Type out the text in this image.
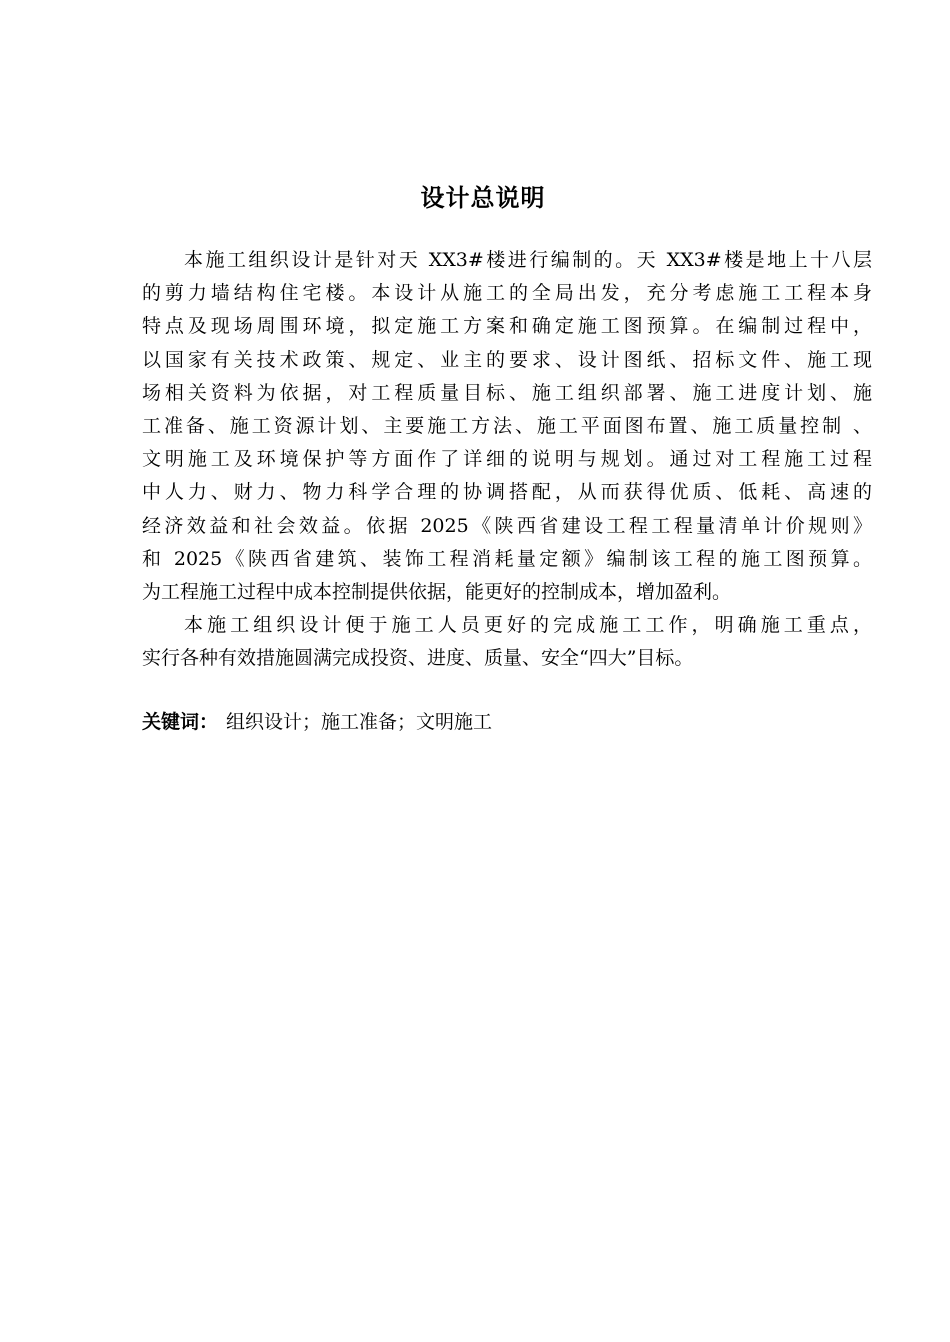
设计总说明
本施工组织设计是针对天 XX3#楼进行编制的。天 XX3#楼是地上十八层
的剪力墙结构住宅楼。本设计从施工的全局出发，充分考虑施工工程本身
特点及现场周围环境，拟定施工方案和确定施工图预算。在编制过程中，
以国家有关技术政策、规定、业主的要求、设计图纸、招标文件、施工现
场相关资料为依据，对工程质量目标、施工组织部署、施工进度计划、施
工准备、施工资源计划、主要施工方法、施工平面图布置、施工质量控制 、
文明施工及环境保护等方面作了详细的说明与规划。通过对工程施工过程
中人力、财力、物力科学合理的协调搭配，从而获得优质、低耗、高速的
经济效益和社会效益。依据 2025《陕西省建设工程工程量清单计价规则》
和 2025《陕西省建筑、装饰工程消耗量定额》编制该工程的施工图预算。
为工程施工过程中成本控制提供依据，能更好的控制成本，增加盈利。
本施工组织设计便于施工人员更好的完成施工工作，明确施工重点，
实行各种有效措施圆满完成投资、进度、质量、安全“四大”目标。
关键词： 组织设计；施工准备；文明施工
